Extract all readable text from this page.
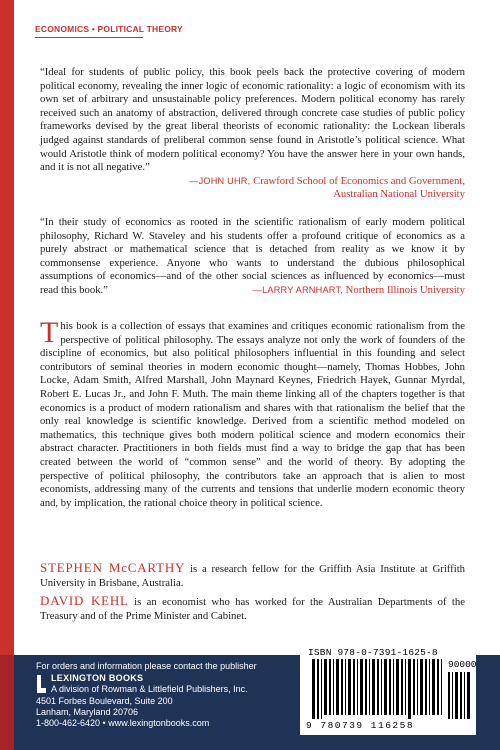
ECONOMICS • POLITICAL THEORY
“Ideal for students of public policy, this book peels back the protective covering of modern political economy, revealing the inner logic of economic rationality: a logic of economism with its own set of arbitrary and unsustainable policy preferences. Modern political economy has rarely received such an anatomy of abstraction, delivered through concrete case studies of public policy frameworks devised by the great liberal theorists of economic rationality: the Lockean liberals judged against standards of preliberal common sense found in Aristotle’s political science. What would Aristotle think of modern political economy? You have the answer here in your own hands, and it is not all negative.”
—JOHN UHR, Crawford School of Economics and Government,
Australian National University
“In their study of economics as rooted in the scientific rationalism of early modern political philosophy, Richard W. Staveley and his students offer a profound critique of economics as a purely abstract or mathematical science that is detached from reality as we know it by commonsense experience. Anyone who wants to understand the dubious philosophical assumptions of economics—and of the other social sciences as influenced by economics—must read this book.”	—LARRY ARNHART, Northern Illinois University
This book is a collection of essays that examines and critiques economic rationalism from the perspective of political philosophy. The essays analyze not only the work of founders of the discipline of economics, but also political philosophers influential in this founding and select contributors of seminal theories in modern economic thought—namely, Thomas Hobbes, John Locke, Adam Smith, Alfred Marshall, John Maynard Keynes, Friedrich Hayek, Gunnar Myrdal, Robert E. Lucas Jr., and John F. Muth. The main theme linking all of the chapters together is that economics is a product of modern rationalism and shares with that rationalism the belief that the only real knowledge is scientific knowledge. Derived from a scientific method modeled on mathematics, this technique gives both modern political science and modern economics their abstract character. Practitioners in both fields must find a way to bridge the gap that has been created between the world of “common sense” and the world of theory. By adopting the perspective of political philosophy, the contributors take an approach that is alien to most economists, addressing many of the currents and tensions that underlie modern economic theory and, by implication, the rational choice theory in political science.
STEPHEN McCARTHY is a research fellow for the Griffith Asia Institute at Griffith University in Brisbane, Australia.
DAVID KEHL is an economist who has worked for the Australian Departments of the Treasury and of the Prime Minister and Cabinet.
For orders and information please contact the publisher
LEXINGTON BOOKS
A division of Rowman & Littlefield Publishers, Inc.
4501 Forbes Boulevard, Suite 200
Lanham, Maryland 20706
1-800-462-6420 • www.lexingtonbooks.com
ISBN 978-0-7391-1625-8
90000
9 780739 116258
